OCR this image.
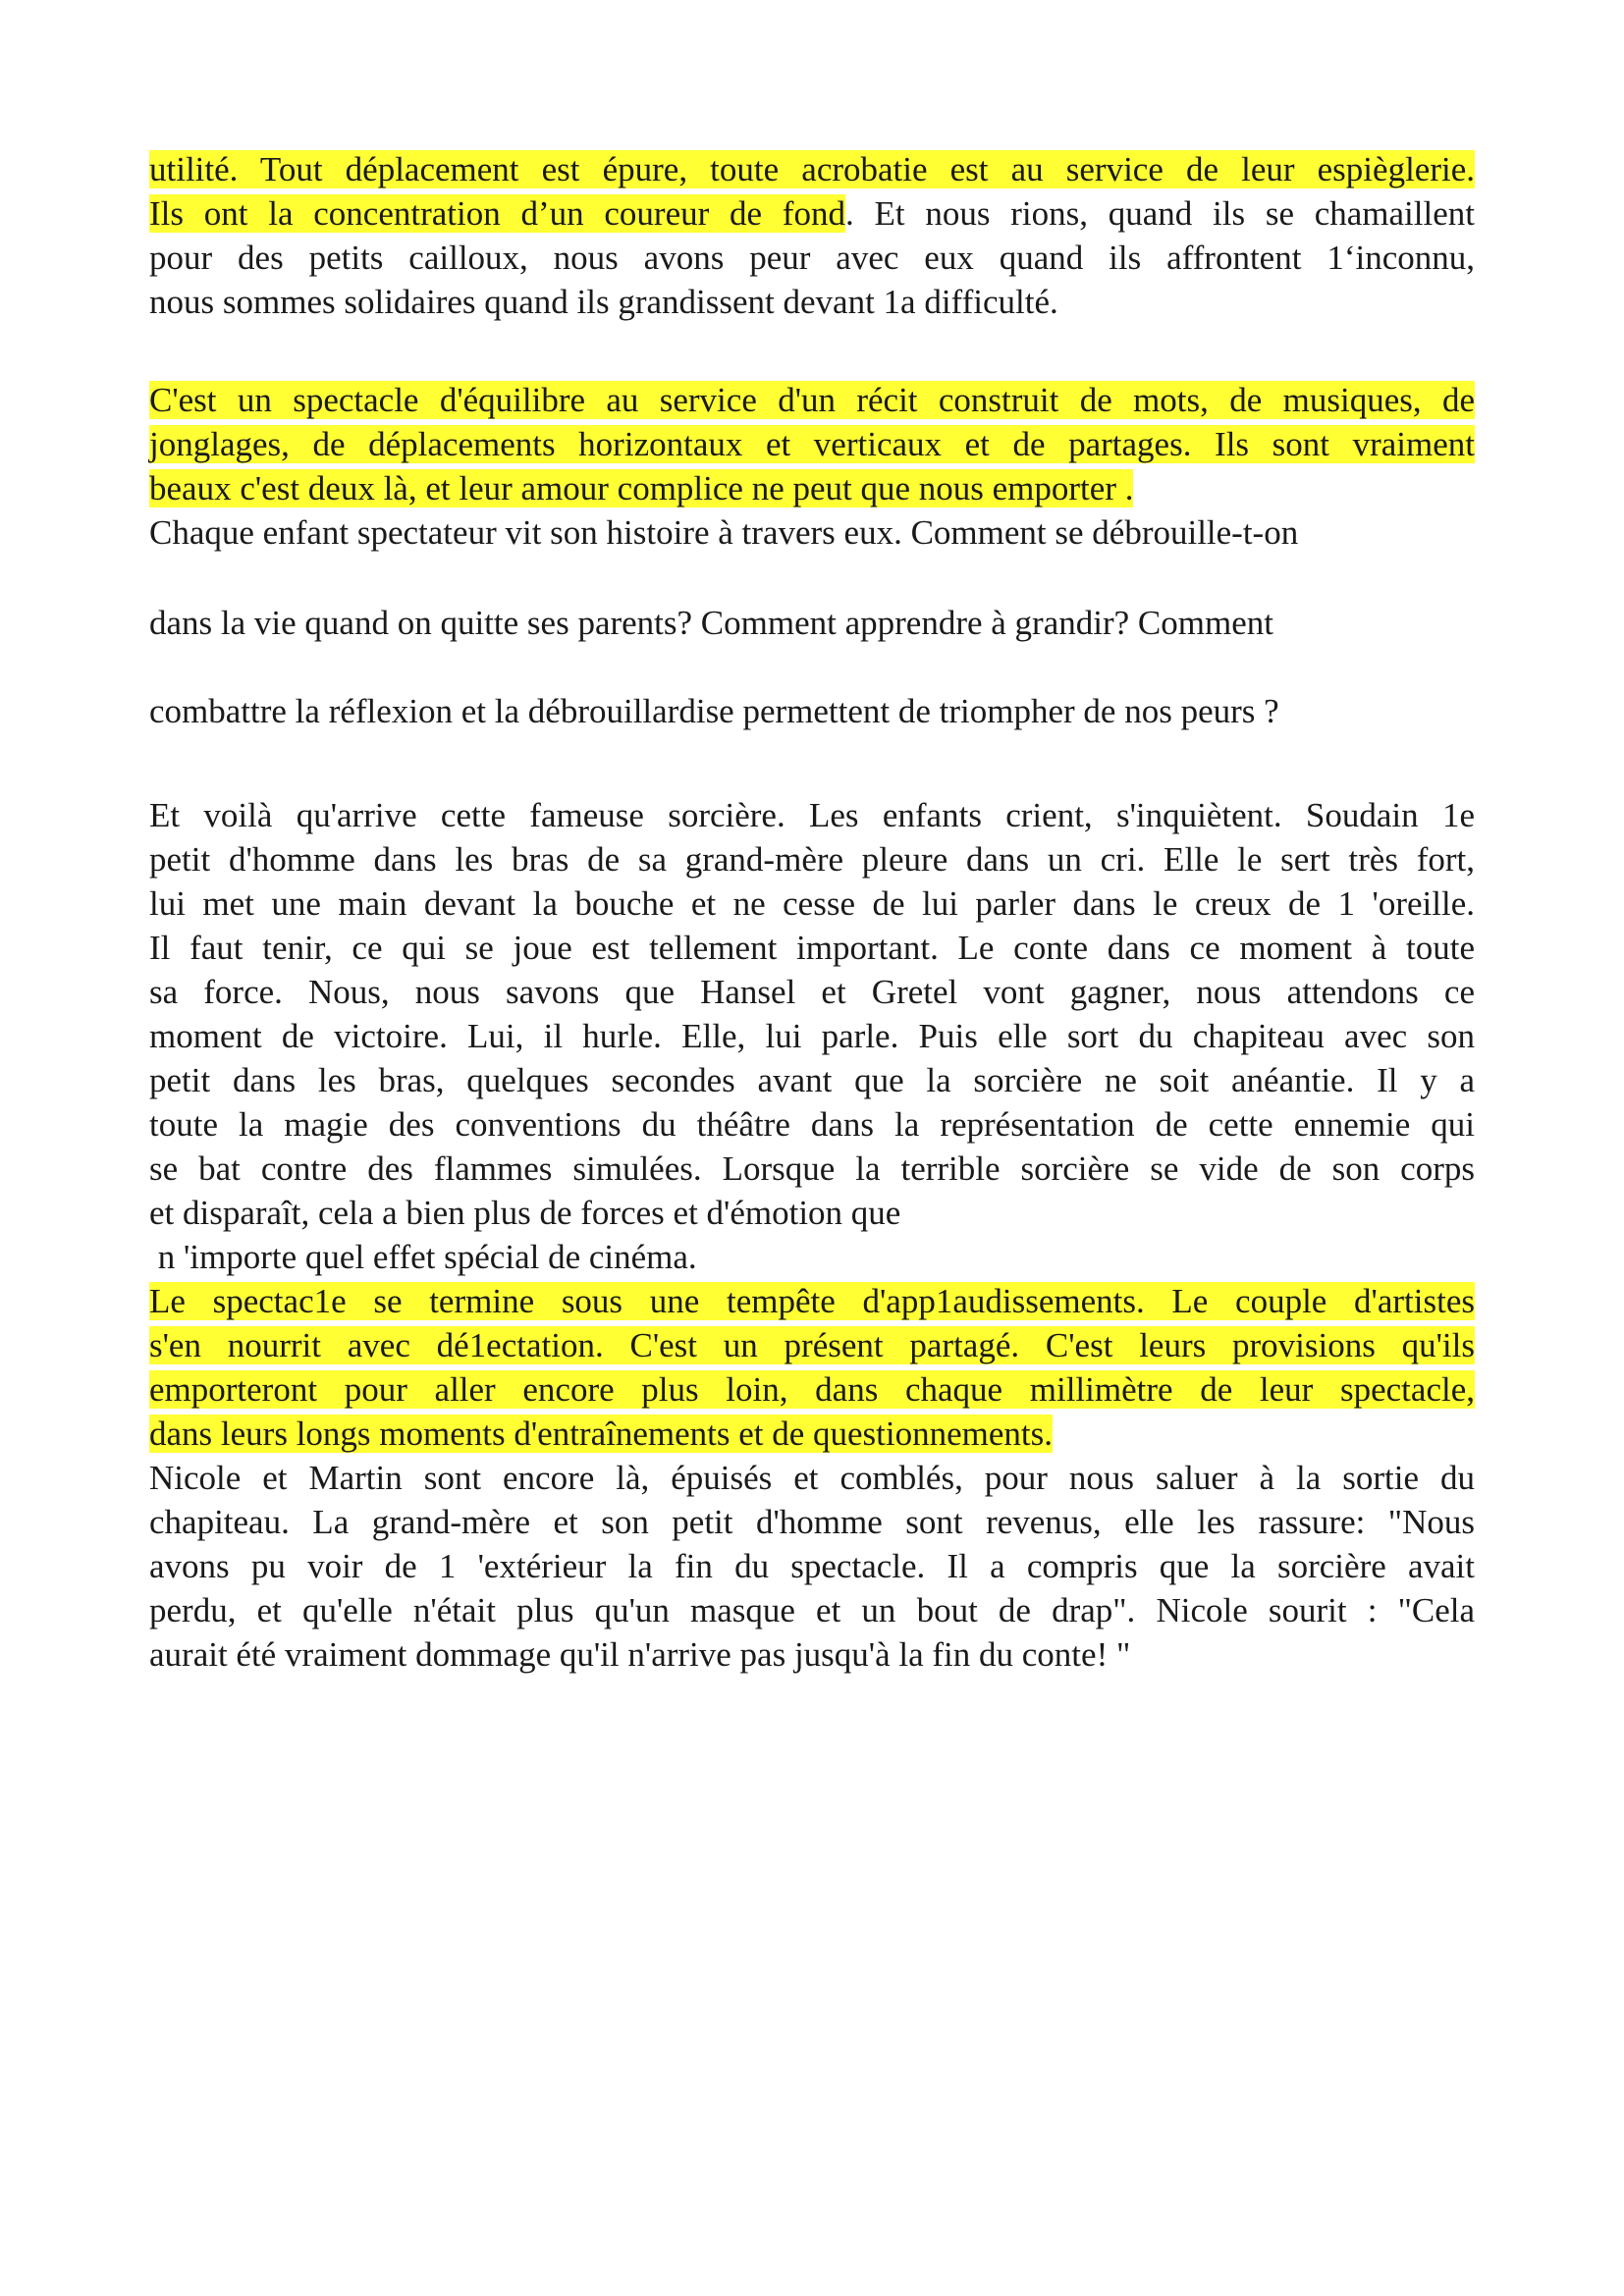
utilité. Tout déplacement est épure, toute acrobatie est au service de leur espièglerie.
Ils ont la concentration d’un coureur de fond. Et nous rions, quand ils se chamaillent
pour des petits cailloux, nous avons peur avec eux quand ils affrontent 1‘inconnu,
nous sommes solidaires quand ils grandissent devant 1a difficulté.
C'est un spectacle d'équilibre au service d'un récit construit de mots, de musiques, de
jonglages, de déplacements horizontaux et verticaux et de partages. Ils sont vraiment
beaux c'est deux là, et leur amour complice ne peut que nous emporter .
Chaque enfant spectateur vit son histoire à travers eux. Comment se débrouille-t-on
dans la vie quand on quitte ses parents? Comment apprendre à grandir? Comment
combattre la réflexion et la débrouillardise permettent de triompher de nos peurs ?
Et voilà qu'arrive cette fameuse sorcière. Les enfants crient, s'inquiètent. Soudain 1e
petit d'homme dans les bras de sa grand-mère pleure dans un cri. Elle le sert très fort,
lui met une main devant la bouche et ne cesse de lui parler dans le creux de 1 'oreille.
Il faut tenir, ce qui se joue est tellement important. Le conte dans ce moment à toute
sa force. Nous, nous savons que Hansel et Gretel vont gagner, nous attendons ce
moment de victoire. Lui, il hurle. Elle, lui parle. Puis elle sort du chapiteau avec son
petit dans les bras, quelques secondes avant que la sorcière ne soit anéantie. Il y a
toute la magie des conventions du théâtre dans la représentation de cette ennemie qui
se bat contre des flammes simulées. Lorsque la terrible sorcière se vide de son corps
et disparaît, cela a bien plus de forces et d'émotion que
n 'importe quel effet spécial de cinéma.
Le spectac1e se termine sous une tempête d'app1audissements. Le couple d'artistes
s'en nourrit avec dé1ectation. C'est un présent partagé. C'est leurs provisions qu'ils
emporteront pour aller encore plus loin, dans chaque millimètre de leur spectacle,
dans leurs longs moments d'entraînements et de questionnements.
Nicole et Martin sont encore là, épuisés et comblés, pour nous saluer à la sortie du
chapiteau. La grand-mère et son petit d'homme sont revenus, elle les rassure: "Nous
avons pu voir de 1 'extérieur la fin du spectacle. Il a compris que la sorcière avait
perdu, et qu'elle n'était plus qu'un masque et un bout de drap". Nicole sourit : "Cela
aurait été vraiment dommage qu'il n'arrive pas jusqu'à la fin du conte! "
